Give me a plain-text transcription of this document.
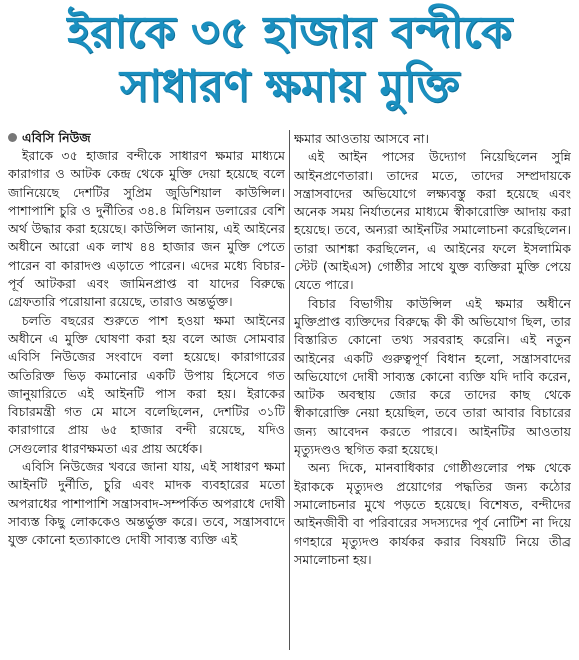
ইরাকে ৩৫ হাজার বন্দীকে
সাধারণ ক্ষমায় মুক্তি
এবিসি নিউজ

ইরাকে ৩৫ হাজার বন্দীকে সাধারণ ক্ষমার মাধ্যমে কারাগার ও আটক কেন্দ্র থেকে মুক্তি দেয়া হয়েছে বলে জানিয়েছে দেশটির সুপ্রিম জুডিশিয়াল কাউন্সিল। পাশাপাশি চুরি ও দুর্নীতির ৩৪.৪ মিলিয়ন ডলারের বেশি অর্থ উদ্ধার করা হয়েছে। কাউন্সিল জানায়, এই আইনের অধীনে আরো এক লাখ ৪৪ হাজার জন মুক্তি পেতে পারেন বা কারাদণ্ড এড়াতে পারেন। এদের মধ্যে বিচার-পূর্ব আটকরা এবং জামিনপ্রাপ্ত বা যাদের বিরুদ্ধে গ্রেফতারি পরোয়ানা রয়েছে, তারাও অন্তর্ভুক্ত।

চলতি বছরের শুরুতে পাশ হওয়া ক্ষমা আইনের অধীনে এ মুক্তি ঘোষণা করা হয় বলে আজ সোমবার এবিসি নিউজের সংবাদে বলা হয়েছে। কারাগারের অতিরিক্ত ভিড় কমানোর একটি উপায় হিসেবে গত জানুয়ারিতে এই আইনটি পাস করা হয়। ইরাকের বিচারমন্ত্রী গত মে মাসে বলেছিলেন, দেশটির ৩১টি কারাগারে প্রায় ৬৫ হাজার বন্দী রয়েছে, যদিও সেগুলোর ধারণক্ষমতা এর প্রায় অর্ধেক।

এবিসি নিউজের খবরে জানা যায়, এই সাধারণ ক্ষমা আইনটি দুর্নীতি, চুরি এবং মাদক ব্যবহারের মতো অপরাধের পাশাপাশি সন্ত্রাসবাদ-সম্পর্কিত অপরাধে দোষী সাব্যস্ত কিছু লোককেও অন্তর্ভুক্ত করে। তবে, সন্ত্রাসবাদে যুক্ত কোনো হত্যাকাণ্ডে দোষী সাব্যস্ত ব্যক্তি এই

ক্ষমার আওতায় আসবে না।

এই আইন পাসের উদ্যোগ নিয়েছিলেন সুন্নি আইনপ্রণেতারা। তাদের মতে, তাদের সম্প্রদায়কে সন্ত্রাসবাদের অভিযোগে লক্ষ্যবস্তু করা হয়েছে এবং অনেক সময় নির্যাতনের মাধ্যমে স্বীকারোক্তি আদায় করা হয়েছে। তবে, অন্যরা আইনটির সমালোচনা করেছিলেন। তারা আশঙ্কা করছিলেন, এ আইনের ফলে ইসলামিক স্টেট (আইএস) গোষ্ঠীর সাথে যুক্ত ব্যক্তিরা মুক্তি পেয়ে যেতে পারে।

বিচার বিভাগীয় কাউন্সিল এই ক্ষমার অধীনে মুক্তিপ্রাপ্ত ব্যক্তিদের বিরুদ্ধে কী কী অভিযোগ ছিল, তার বিস্তারিত কোনো তথ্য সরবরাহ করেনি। এই নতুন আইনের একটি গুরুত্বপূর্ণ বিধান হলো, সন্ত্রাসবাদের অভিযোগে দোষী সাব্যস্ত কোনো ব্যক্তি যদি দাবি করেন, আটক অবস্থায় জোর করে তাদের কাছ থেকে স্বীকারোক্তি নেয়া হয়েছিল, তবে তারা আবার বিচারের জন্য আবেদন করতে পারবে। আইনটির আওতায় মৃত্যুদণ্ডও স্থগিত করা হয়েছে।

অন্য দিকে, মানবাধিকার গোষ্ঠীগুলোর পক্ষ থেকে ইরাককে মৃত্যুদণ্ড প্রয়োগের পদ্ধতির জন্য কঠোর সমালোচনার মুখে পড়তে হয়েছে। বিশেষত, বন্দীদের আইনজীবী বা পরিবারের সদস্যদের পূর্ব নোটিশ না দিয়ে গণহারে মৃত্যুদণ্ড কার্যকর করার বিষয়টি নিয়ে তীব্র সমালোচনা হয়।
